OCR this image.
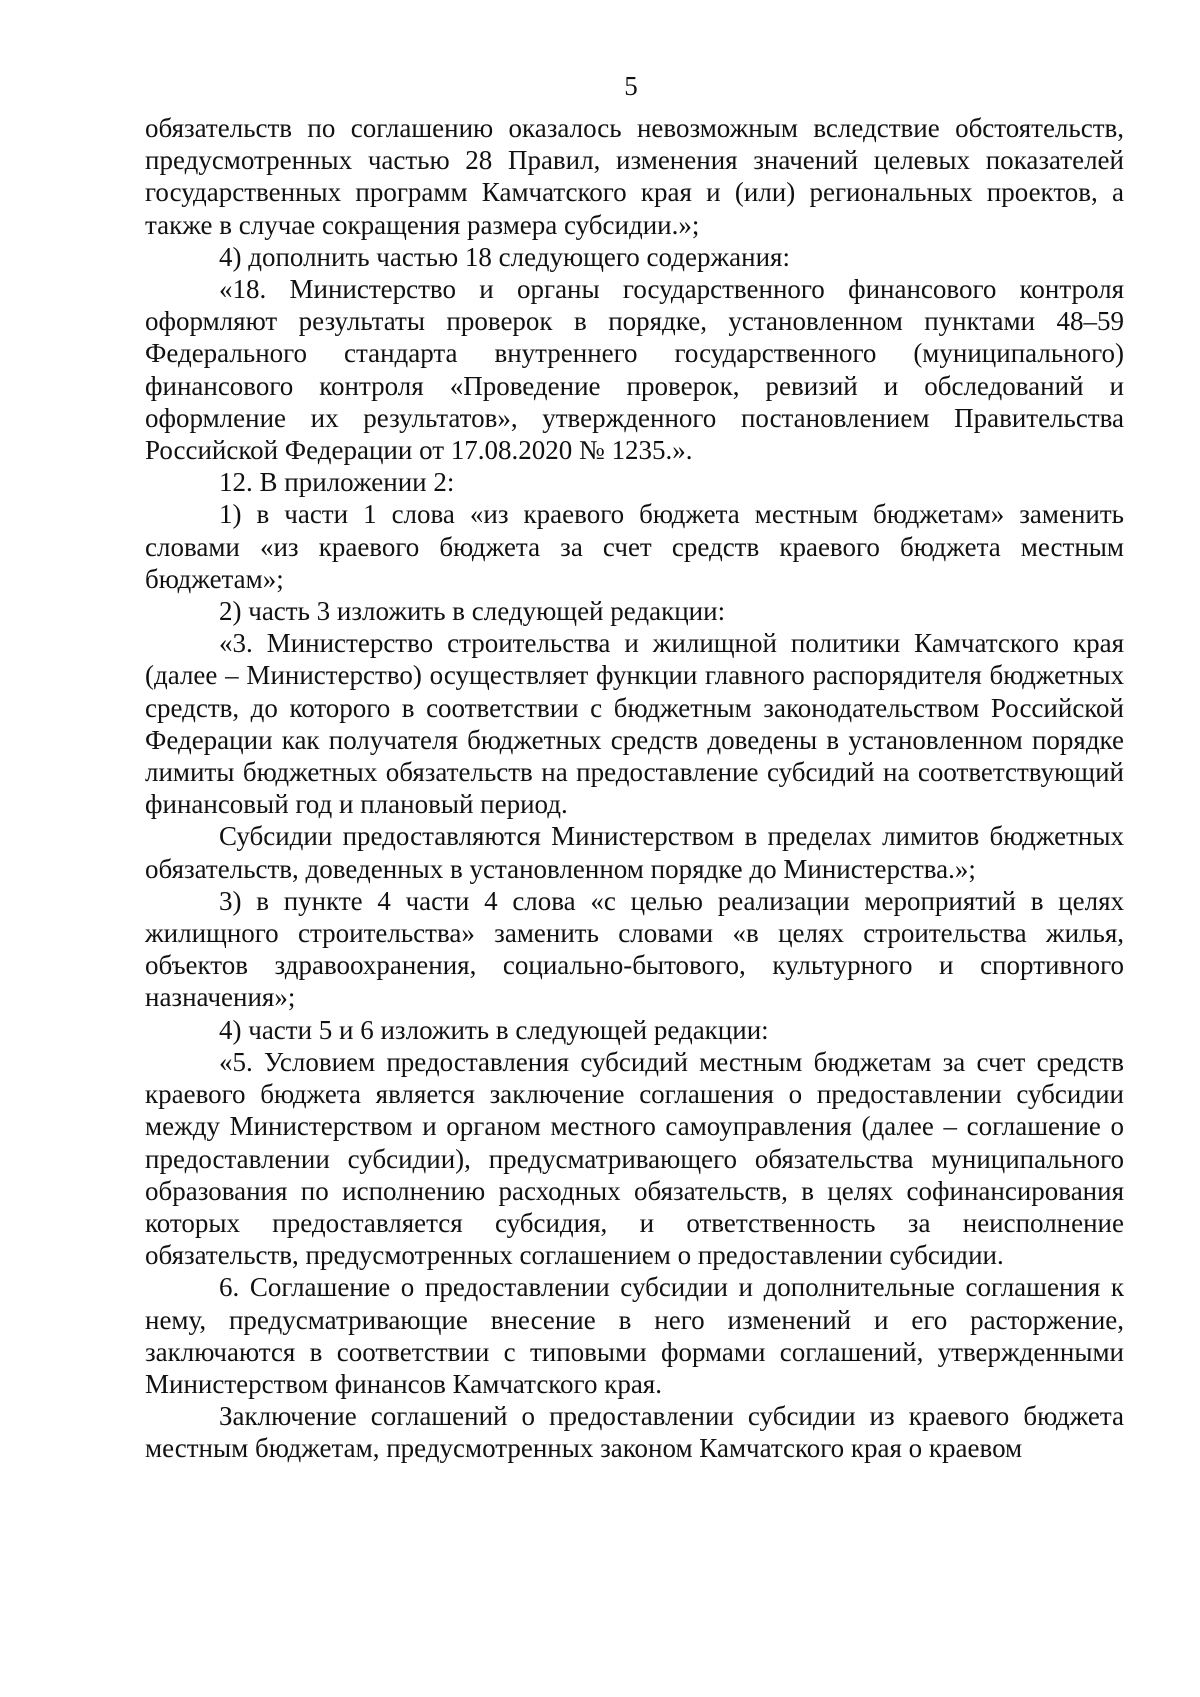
5

обязательств по соглашению оказалось невозможным вследствие обстоятельств, предусмотренных частью 28 Правил, изменения значений целевых показателей государственных программ Камчатского края и (или) региональных проектов, а также в случае сокращения размера субсидии.»;

4) дополнить частью 18 следующего содержания:

«18. Министерство и органы государственного финансового контроля оформляют результаты проверок в порядке, установленном пунктами 48–59 Федерального стандарта внутреннего государственного (муниципального) финансового контроля «Проведение проверок, ревизий и обследований и оформление их результатов», утвержденного постановлением Правительства Российской Федерации от 17.08.2020 № 1235.».

12. В приложении 2:

1) в части 1 слова «из краевого бюджета местным бюджетам» заменить словами «из краевого бюджета за счет средств краевого бюджета местным бюджетам»;

2) часть 3 изложить в следующей редакции:

«3. Министерство строительства и жилищной политики Камчатского края (далее – Министерство) осуществляет функции главного распорядителя бюджетных средств, до которого в соответствии с бюджетным законодательством Российской Федерации как получателя бюджетных средств доведены в установленном порядке лимиты бюджетных обязательств на предоставление субсидий на соответствующий финансовый год и плановый период.

Субсидии предоставляются Министерством в пределах лимитов бюджетных обязательств, доведенных в установленном порядке до Министерства.»;

3) в пункте 4 части 4 слова «с целью реализации мероприятий в целях жилищного строительства» заменить словами «в целях строительства жилья, объектов здравоохранения, социально-бытового, культурного и спортивного назначения»;

4) части 5 и 6 изложить в следующей редакции:

«5. Условием предоставления субсидий местным бюджетам за счет средств краевого бюджета является заключение соглашения о предоставлении субсидии между Министерством и органом местного самоуправления (далее – соглашение о предоставлении субсидии), предусматривающего обязательства муниципального образования по исполнению расходных обязательств, в целях софинансирования которых предоставляется субсидия, и ответственность за неисполнение обязательств, предусмотренных соглашением о предоставлении субсидии.

6. Соглашение о предоставлении субсидии и дополнительные соглашения к нему, предусматривающие внесение в него изменений и его расторжение, заключаются в соответствии с типовыми формами соглашений, утвержденными Министерством финансов Камчатского края.

Заключение соглашений о предоставлении субсидии из краевого бюджета местным бюджетам, предусмотренных законом Камчатского края о краевом
